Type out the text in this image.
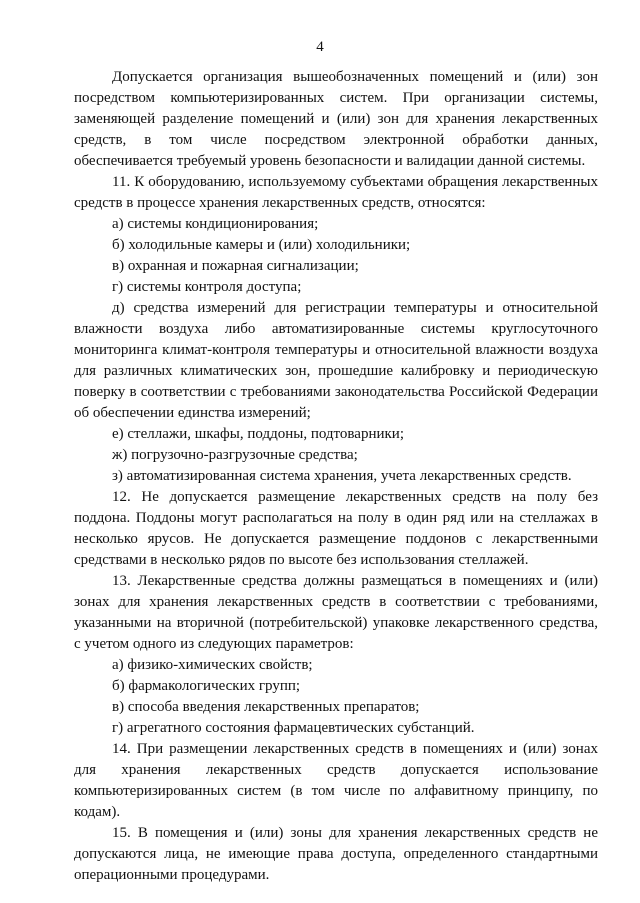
4

Допускается организация вышеобозначенных помещений и (или) зон посредством компьютеризированных систем. При организации системы, заменяющей разделение помещений и (или) зон для хранения лекарственных средств, в том числе посредством электронной обработки данных, обеспечивается требуемый уровень безопасности и валидации данной системы.

11. К оборудованию, используемому субъектами обращения лекарственных средств в процессе хранения лекарственных средств, относятся:

а) системы кондиционирования;

б) холодильные камеры и (или) холодильники;

в) охранная и пожарная сигнализации;

г) системы контроля доступа;

д) средства измерений для регистрации температуры и относительной влажности воздуха либо автоматизированные системы круглосуточного мониторинга климат-контроля температуры и относительной влажности воздуха для различных климатических зон, прошедшие калибровку и периодическую поверку в соответствии с требованиями законодательства Российской Федерации об обеспечении единства измерений;

е) стеллажи, шкафы, поддоны, подтоварники;

ж) погрузочно-разгрузочные средства;

з) автоматизированная система хранения, учета лекарственных средств.

12. Не допускается размещение лекарственных средств на полу без поддона. Поддоны могут располагаться на полу в один ряд или на стеллажах в несколько ярусов. Не допускается размещение поддонов с лекарственными средствами в несколько рядов по высоте без использования стеллажей.

13. Лекарственные средства должны размещаться в помещениях и (или) зонах для хранения лекарственных средств в соответствии с требованиями, указанными на вторичной (потребительской) упаковке лекарственного средства, с учетом одного из следующих параметров:

а) физико-химических свойств;

б) фармакологических групп;

в) способа введения лекарственных препаратов;

г) агрегатного состояния фармацевтических субстанций.

14. При размещении лекарственных средств в помещениях и (или) зонах для хранения лекарственных средств допускается использование компьютеризированных систем (в том числе по алфавитному принципу, по кодам).

15. В помещения и (или) зоны для хранения лекарственных средств не допускаются лица, не имеющие права доступа, определенного стандартными операционными процедурами.
